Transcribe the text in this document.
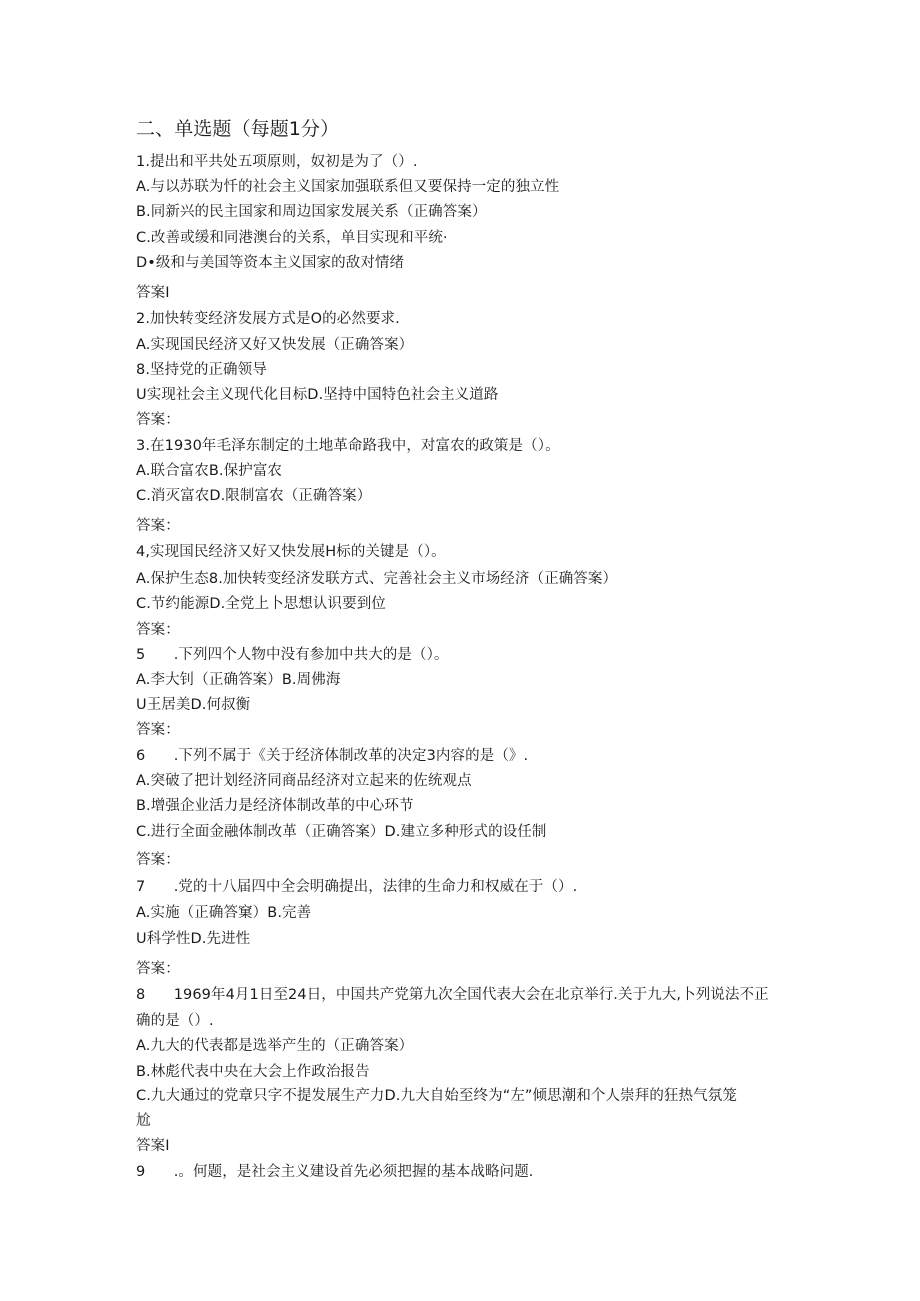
二、单选题（每题1分）
1.提出和平共处五项原则，奴初是为了（）.
A.与以苏联为忏的社会主义国家加强联系但又要保持一定的独立性
B.同新兴的民主国家和周边国家发展关系（正确答案）
C.改善或缓和同港澳台的关系，单目实现和平统·
D•级和与美国等资本主义国家的敌对情绪
答案I
2.加快转变经济发展方式是O的必然要求.
A.实现国民经济又好又快发展（正确答案）
8.坚持党的正确领导
U实现社会主义现代化目标D.坚持中国特色社会主义道路
答案：
3.在1930年毛泽东制定的土地革命路我中，对富农的政策是（）。
A.联合富农B.保护富农
C.消灭富农D.限制富农（正确答案）
答案：
4,实现国民经济又好又快发展H标的关键是（）。
A.保护生态8.加快转变经济发联方式、完善社会主义市场经济（正确答案）
C.节约能源D.全党上卜思想认识要到位
答案：
5	.下列四个人物中没有参加中共大的是（）。
A.李大钊（正确答案）B.周佛海
U王居美D.何叔衡
答案：
6	.下列不属于《关于经济体制改革的决定3内容的是（》.
A.突破了把计划经济同商品经济对立起来的佐统观点
B.增强企业活力是经济体制改革的中心环节
C.进行全面金融体制改革（正确答案）D.建立多种形式的设任制
答案：
7	.党的十八届四中全会明确提出，法律的生命力和权威在于（）.
A.实施（正确答窠）B.完善
U科学性D.先进性
答案：
8	1969年4月1日至24日，中国共产党第九次全国代表大会在北京举行.关于九大,卜列说法不正
确的是（）.
A.九大的代表都是选举产生的（正确答案）
B.林彪代表中央在大会上作政治报告
C.九大通过的党章只字不提发展生产力D.九大自始至终为“左”倾思潮和个人崇拜的狂热气氛笼
尬
答案I
9	.。何题，是社会主义建设首先必须把握的基本战略问题.
